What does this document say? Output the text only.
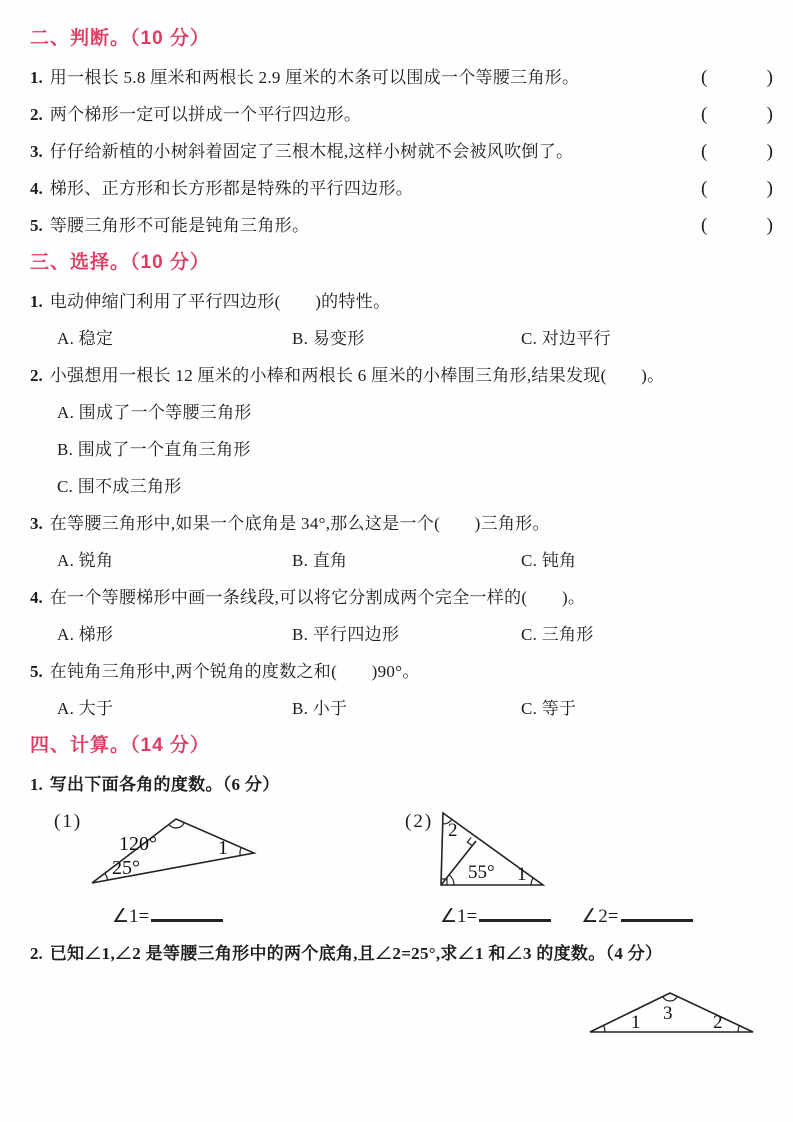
二、判断。（10 分）
1. 用一根长 5.8 厘米和两根长 2.9 厘米的木条可以围成一个等腰三角形。	(	)
2. 两个梯形一定可以拼成一个平行四边形。	(	)
3. 仔仔给新植的小树斜着固定了三根木棍,这样小树就不会被风吹倒了。	(	)
4. 梯形、正方形和长方形都是特殊的平行四边形。	(	)
5. 等腰三角形不可能是钝角三角形。	(	)
三、选择。（10 分）
1. 电动伸缩门利用了平行四边形(　　)的特性。
A. 稳定	B. 易变形	C. 对边平行
2. 小强想用一根长 12 厘米的小棒和两根长 6 厘米的小棒围三角形,结果发现(　　)。
A. 围成了一个等腰三角形
B. 围成了一个直角三角形
C. 围不成三角形
3. 在等腰三角形中,如果一个底角是 34°,那么这是一个(　　)三角形。
A. 锐角	B. 直角	C. 钝角
4. 在一个等腰梯形中画一条线段,可以将它分割成两个完全一样的(　　)。
A. 梯形	B. 平行四边形	C. 三角形
5. 在钝角三角形中,两个锐角的度数之和(　　)90°。
A. 大于	B. 小于	C. 等于
四、计算。（14 分）
1. 写出下面各角的度数。（6 分）
(1)
120°
25°
1
∠1=
(2) 2
55° 1
∠1=	∠2=
2. 已知∠1,∠2 是等腰三角形中的两个底角,且∠2=25°,求∠1 和∠3 的度数。（4 分）
1 3 2
